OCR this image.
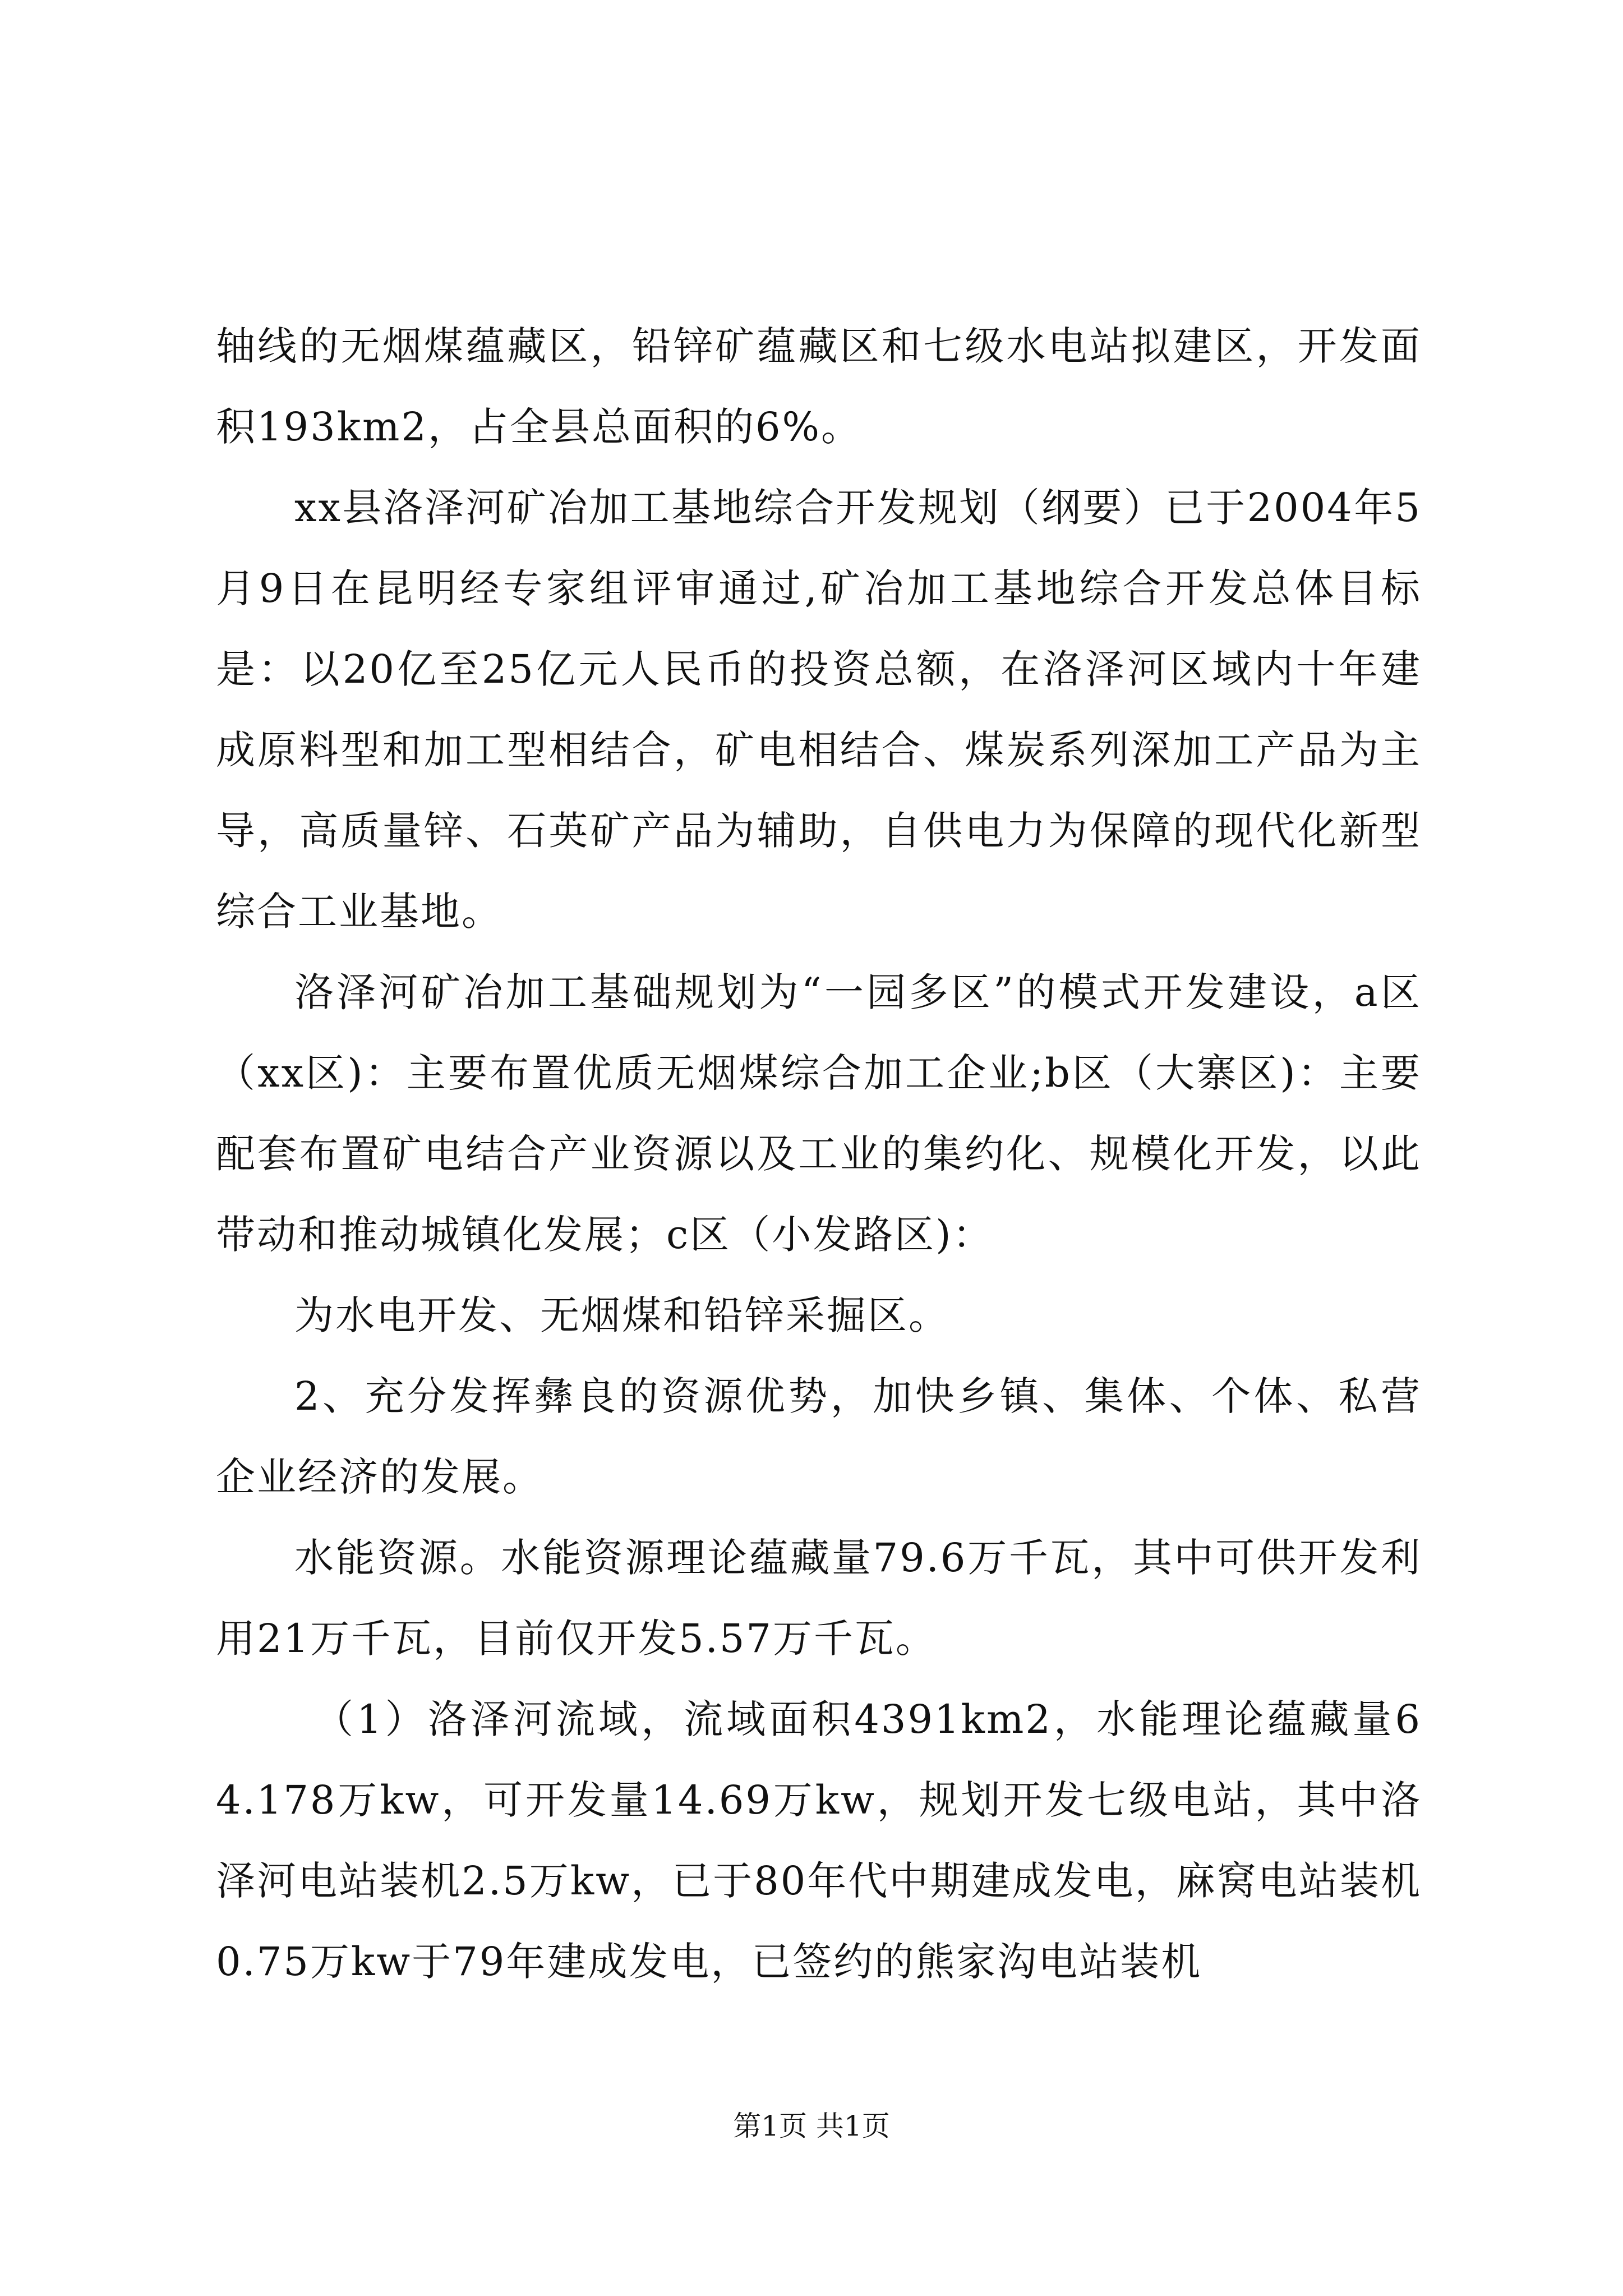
轴线的无烟煤蕴藏区，铅锌矿蕴藏区和七级水电站拟建区，开发面积193km2，占全县总面积的6%。

xx县洛泽河矿冶加工基地综合开发规划（纲要）已于2004年5月9日在昆明经专家组评审通过,矿冶加工基地综合开发总体目标是：以20亿至25亿元人民币的投资总额，在洛泽河区域内十年建成原料型和加工型相结合，矿电相结合、煤炭系列深加工产品为主导，高质量锌、石英矿产品为辅助，自供电力为保障的现代化新型综合工业基地。

洛泽河矿冶加工基础规划为“一园多区”的模式开发建设，a区（xx区)：主要布置优质无烟煤综合加工企业;b区（大寨区)：主要配套布置矿电结合产业资源以及工业的集约化、规模化开发，以此带动和推动城镇化发展；c区（小发路区)：

为水电开发、无烟煤和铅锌采掘区。

2、充分发挥彝良的资源优势，加快乡镇、集体、个体、私营企业经济的发展。

水能资源。水能资源理论蕴藏量79.6万千瓦，其中可供开发利用21万千瓦，目前仅开发5.57万千瓦。

（1）洛泽河流域，流域面积4391km2，水能理论蕴藏量64.178万kw，可开发量14.69万kw，规划开发七级电站，其中洛泽河电站装机2.5万kw，已于80年代中期建成发电，麻窝电站装机0.75万kw于79年建成发电，已签约的熊家沟电站装机

第1页 共1页
